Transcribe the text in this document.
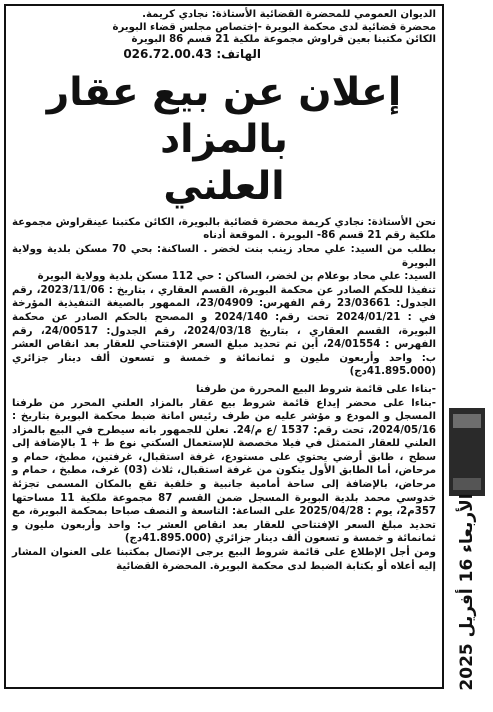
الديوان العمومي للمحضرة القضائية الأستاذة: نجادي كريمة.
محضرة قضائية لدى محكمة البويرة -إختصاص مجلس قضاء البويرة
الكائن مكتبنا بعين قراوش مجموعة ملكية 21 قسم 86 البويرة
الهاتف: 026.72.00.43
إعلان عن بيع عقار بالمزاد
العلني

نحن الأستاذة: نجادي كريمة محضرة قضائية بالبويرة، الكائن مكتبنا عينقراوش مجموعة ملكية رقم 21 قسم 86- البويرة . الموقعة أدناه

بطلب من السيد: علي محاد زينب بنت لخضر . الساكنة: بحي 70 مسكن بلدية وولاية البويرة

السيد: علي محاد بوعلام بن لخضر، الساكن : حي 112 مسكن بلدية وولاية البويرة

تنفيذا للحكم الصادر عن محكمة البويرة، القسم العقاري ، بتاريخ : 2023/11/06، رقم الجدول: 23/03661 رقم الفهرس: 23/04909، الممهور بالصيغة التنفيذية المؤرخة في : 2024/01/21 تحت رقم: 2024/140 و المصحح بالحكم الصادر عن محكمة البويرة، القسم العقاري ، بتاريخ 2024/03/18، رقم الجدول: 24/00517، رقم الفهرس : 24/01554، أين تم تحديد مبلغ السعر الإفتتاحي للعقار بعد انقاص العشر ب: واحد وأربعون مليون و ثمانمائة و خمسة و تسعون ألف دينار جزائري (41.895.000دج)

-بناءا على قائمة شروط البيع المحررة من طرفنا

-بناءا على محضر إيداع قائمة شروط بيع عقار بالمزاد العلني المحرر من طرفنا المسجل و المودع و مؤشر عليه من طرف رئيس امانة ضبط محكمة البويرة بتاريخ : 2024/05/16، تحت رقم: 1537 /ع م/24. نعلن للجمهور بانه سيطرح في البيع بالمزاد العلني للعقار المتمثل في فيلا مخصصة للإستعمال السكني نوع ط + 1 بالإضافة إلى سطح ، طابق أرضي يحتوي على مستودع، غرفة استقبال، غرفتين، مطبخ، حمام و مرحاض، أما الطابق الأول يتكون من غرفة استقبال، ثلاث (03) غرف، مطبخ ، حمام و مرحاض، بالإضافة إلى ساحة أمامية جانبية و خلفية تقع بالمكان المسمى تجزئة خدوسي محمد بلدية البويرة المسجل ضمن القسم 87 مجموعة ملكية 11 مساحتها 357م2، يوم : 2025/04/28 على الساعة: التاسعة و النصف صباحا بمحكمة البويرة، مع تحديد مبلغ السعر الإفتتاحي للعقار بعد انقاص العشر ب: واحد وأربعون مليون و ثمانمائة و خمسة و تسعون ألف دينار جزائري (41.895.000دج)

ومن أجل الإطلاع على قائمة شروط البيع يرجى الإتصال بمكتبنا على العنوان المشار إليه أعلاه أو بكتابة الضبط لدى محكمة البويرة. المحضرة القضائية

الأربعاء 16 أفريل 2025
